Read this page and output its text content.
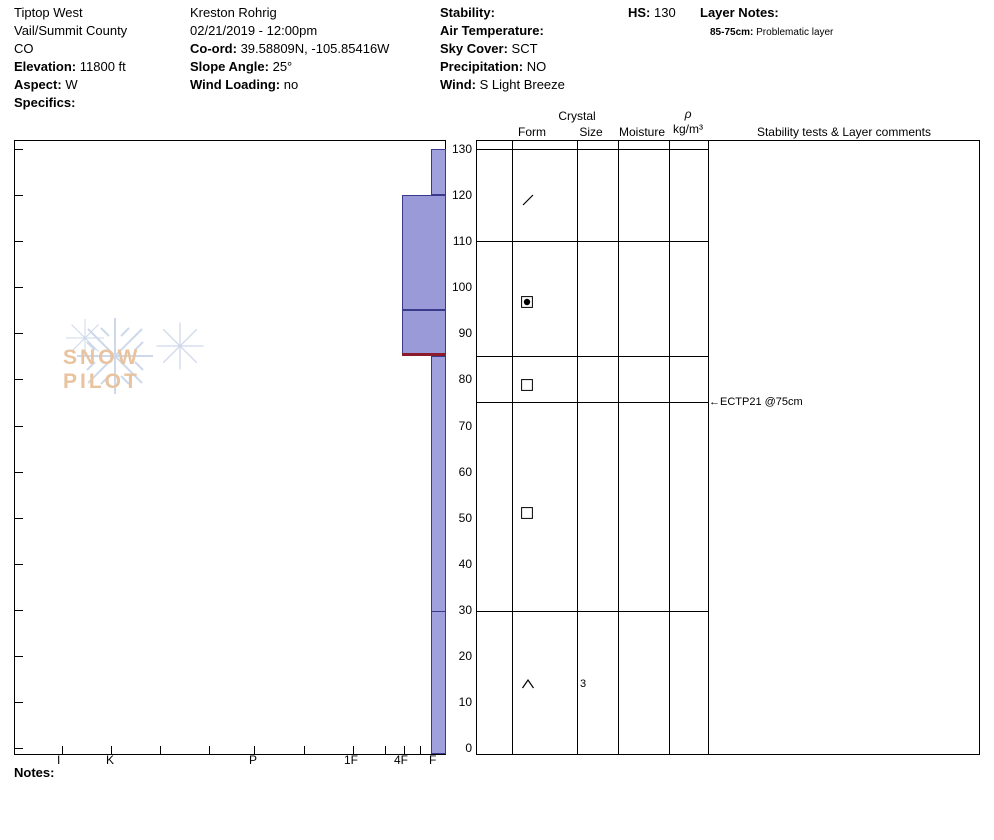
Tiptop West
Vail/Summit County
CO
Elevation: 11800 ft
Aspect: W
Specifics:
Kreston Rohrig
02/21/2019 - 12:00pm
Co-ord: 39.58809N, -105.85416W
Slope Angle: 25°
Wind Loading: no
Stability:
Air Temperature:
Sky Cover: SCT
Precipitation: NO
Wind: S Light Breeze
HS: 130	Layer Notes:
85-75cm: Problematic layer
SNOW PILOT
I	K	P	1F	4F F
130
120
110
100
90
80
70
60
50
40
30
20
10
0
Crystal
Form	Size	Moisture
ρ
kg/m³	Stability tests & Layer comments
3
←ECTP21 @75cm
Notes:
